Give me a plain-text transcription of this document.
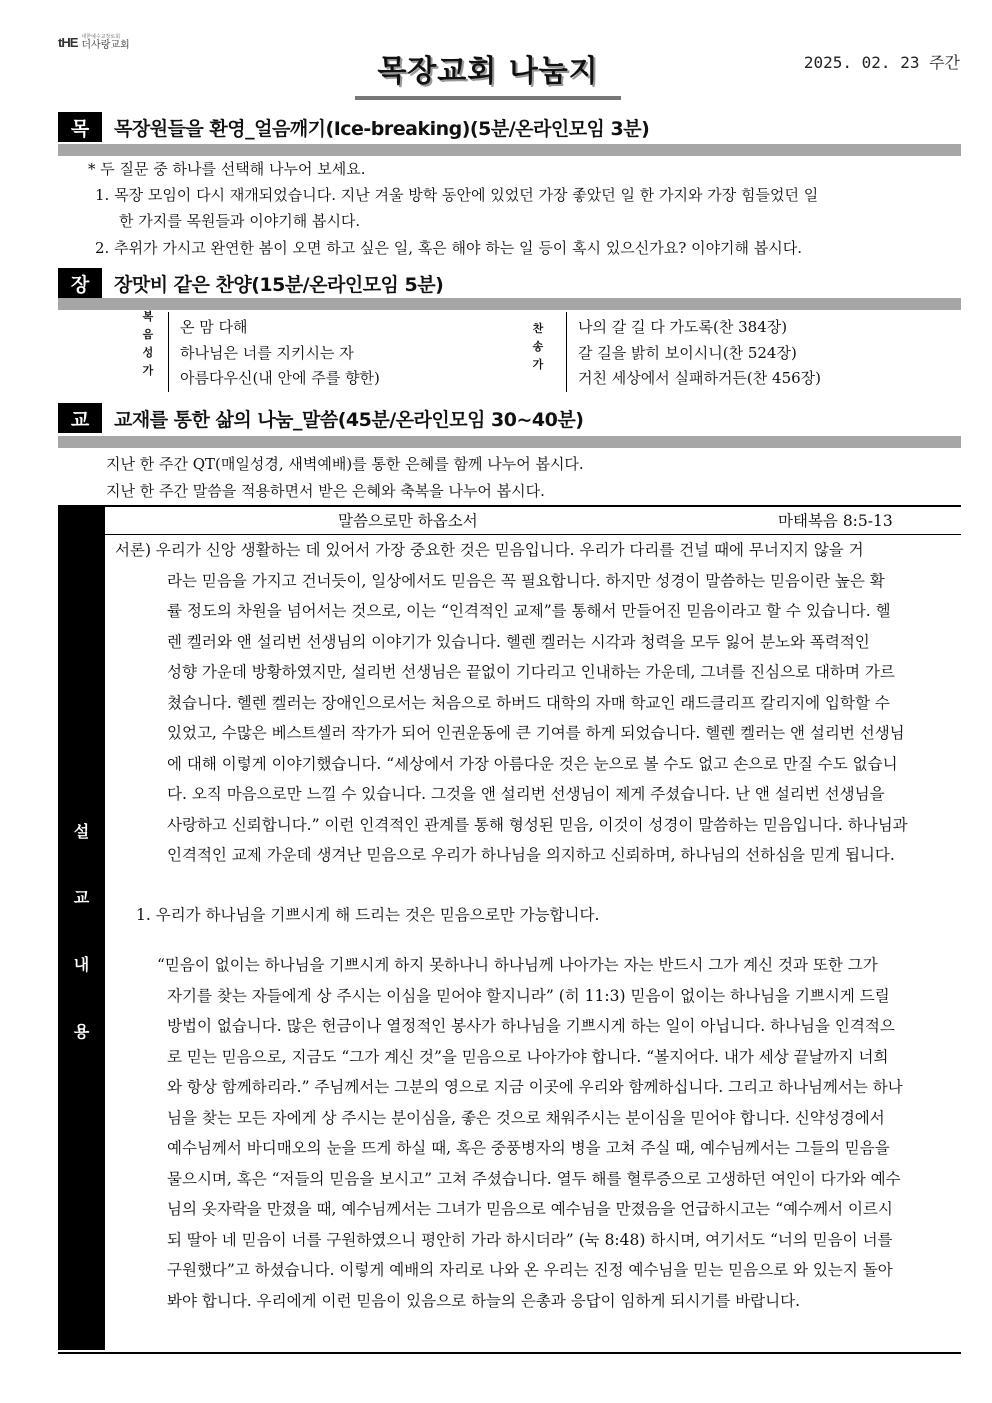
tHE 대한예수교장로회
더사랑교회
2025. 02. 23 주간
목장교회 나눔지
목	목장원들을 환영_얼음깨기(Ice-breaking)(5분/온라인모임 3분)
* 두 질문 중 하나를 선택해 나누어 보세요.
1. 목장 모임이 다시 재개되었습니다. 지난 겨울 방학 동안에 있었던 가장 좋았던 일 한 가지와 가장 힘들었던 일
한 가지를 목원들과 이야기해 봅시다.
2. 추위가 가시고 완연한 봄이 오면 하고 싶은 일, 혹은 해야 하는 일 등이 혹시 있으신가요? 이야기해 봅시다.
장	장맛비 같은 찬양(15분/온라인모임 5분)
복
음
성
가
온 맘 다해
하나님은 너를 지키시는 자
아름다우신(내 안에 주를 향한)
찬
송
가
나의 갈 길 다 가도록(찬 384장)
갈 길을 밝히 보이시니(찬 524장)
거친 세상에서 실패하거든(찬 456장)
교	교재를 통한 삶의 나눔_말씀(45분/온라인모임 30~40분)
지난 한 주간 QT(매일성경, 새벽예배)를 통한 은혜를 함께 나누어 봅시다.
지난 한 주간 말씀을 적용하면서 받은 은혜와 축복을 나누어 봅시다.
설
교
내
용
말씀으로만 하옵소서	마태복음 8:5-13
서론) 우리가 신앙 생활하는 데 있어서 가장 중요한 것은 믿음입니다. 우리가 다리를 건널 때에 무너지지 않을 거
라는 믿음을 가지고 건너듯이, 일상에서도 믿음은 꼭 필요합니다. 하지만 성경이 말씀하는 믿음이란 높은 확
률 정도의 차원을 넘어서는 것으로, 이는 “인격적인 교제”를 통해서 만들어진 믿음이라고 할 수 있습니다. 헬
렌 켈러와 앤 설리번 선생님의 이야기가 있습니다. 헬렌 켈러는 시각과 청력을 모두 잃어 분노와 폭력적인
성향 가운데 방황하였지만, 설리번 선생님은 끝없이 기다리고 인내하는 가운데, 그녀를 진심으로 대하며 가르
쳤습니다. 헬렌 켈러는 장애인으로서는 처음으로 하버드 대학의 자매 학교인 래드클리프 칼리지에 입학할 수
있었고, 수많은 베스트셀러 작가가 되어 인권운동에 큰 기여를 하게 되었습니다. 헬렌 켈러는 앤 설리번 선생님
에 대해 이렇게 이야기했습니다. “세상에서 가장 아름다운 것은 눈으로 볼 수도 없고 손으로 만질 수도 없습니
다. 오직 마음으로만 느낄 수 있습니다. 그것을 앤 설리번 선생님이 제게 주셨습니다. 난 앤 설리번 선생님을
사랑하고 신뢰합니다.” 이런 인격적인 관계를 통해 형성된 믿음, 이것이 성경이 말씀하는 믿음입니다. 하나님과
인격적인 교제 가운데 생겨난 믿음으로 우리가 하나님을 의지하고 신뢰하며, 하나님의 선하심을 믿게 됩니다.
1. 우리가 하나님을 기쁘시게 해 드리는 것은 믿음으로만 가능합니다.
“믿음이 없이는 하나님을 기쁘시게 하지 못하나니 하나님께 나아가는 자는 반드시 그가 계신 것과 또한 그가
자기를 찾는 자들에게 상 주시는 이심을 믿어야 할지니라” (히 11:3) 믿음이 없이는 하나님을 기쁘시게 드릴
방법이 없습니다. 많은 헌금이나 열정적인 봉사가 하나님을 기쁘시게 하는 일이 아닙니다. 하나님을 인격적으
로 믿는 믿음으로, 지금도 “그가 계신 것”을 믿음으로 나아가야 합니다. “볼지어다. 내가 세상 끝날까지 너희
와 항상 함께하리라.” 주님께서는 그분의 영으로 지금 이곳에 우리와 함께하십니다. 그리고 하나님께서는 하나
님을 찾는 모든 자에게 상 주시는 분이심을, 좋은 것으로 채워주시는 분이심을 믿어야 합니다. 신약성경에서
예수님께서 바디매오의 눈을 뜨게 하실 때, 혹은 중풍병자의 병을 고쳐 주실 때, 예수님께서는 그들의 믿음을
물으시며, 혹은 “저들의 믿음을 보시고” 고쳐 주셨습니다. 열두 해를 혈루증으로 고생하던 여인이 다가와 예수
님의 옷자락을 만졌을 때, 예수님께서는 그녀가 믿음으로 예수님을 만졌음을 언급하시고는 “예수께서 이르시
되 딸아 네 믿음이 너를 구원하였으니 평안히 가라 하시더라” (눅 8:48) 하시며, 여기서도 “너의 믿음이 너를
구원했다”고 하셨습니다. 이렇게 예배의 자리로 나와 온 우리는 진정 예수님을 믿는 믿음으로 와 있는지 돌아
봐야 합니다. 우리에게 이런 믿음이 있음으로 하늘의 은총과 응답이 임하게 되시기를 바랍니다.
